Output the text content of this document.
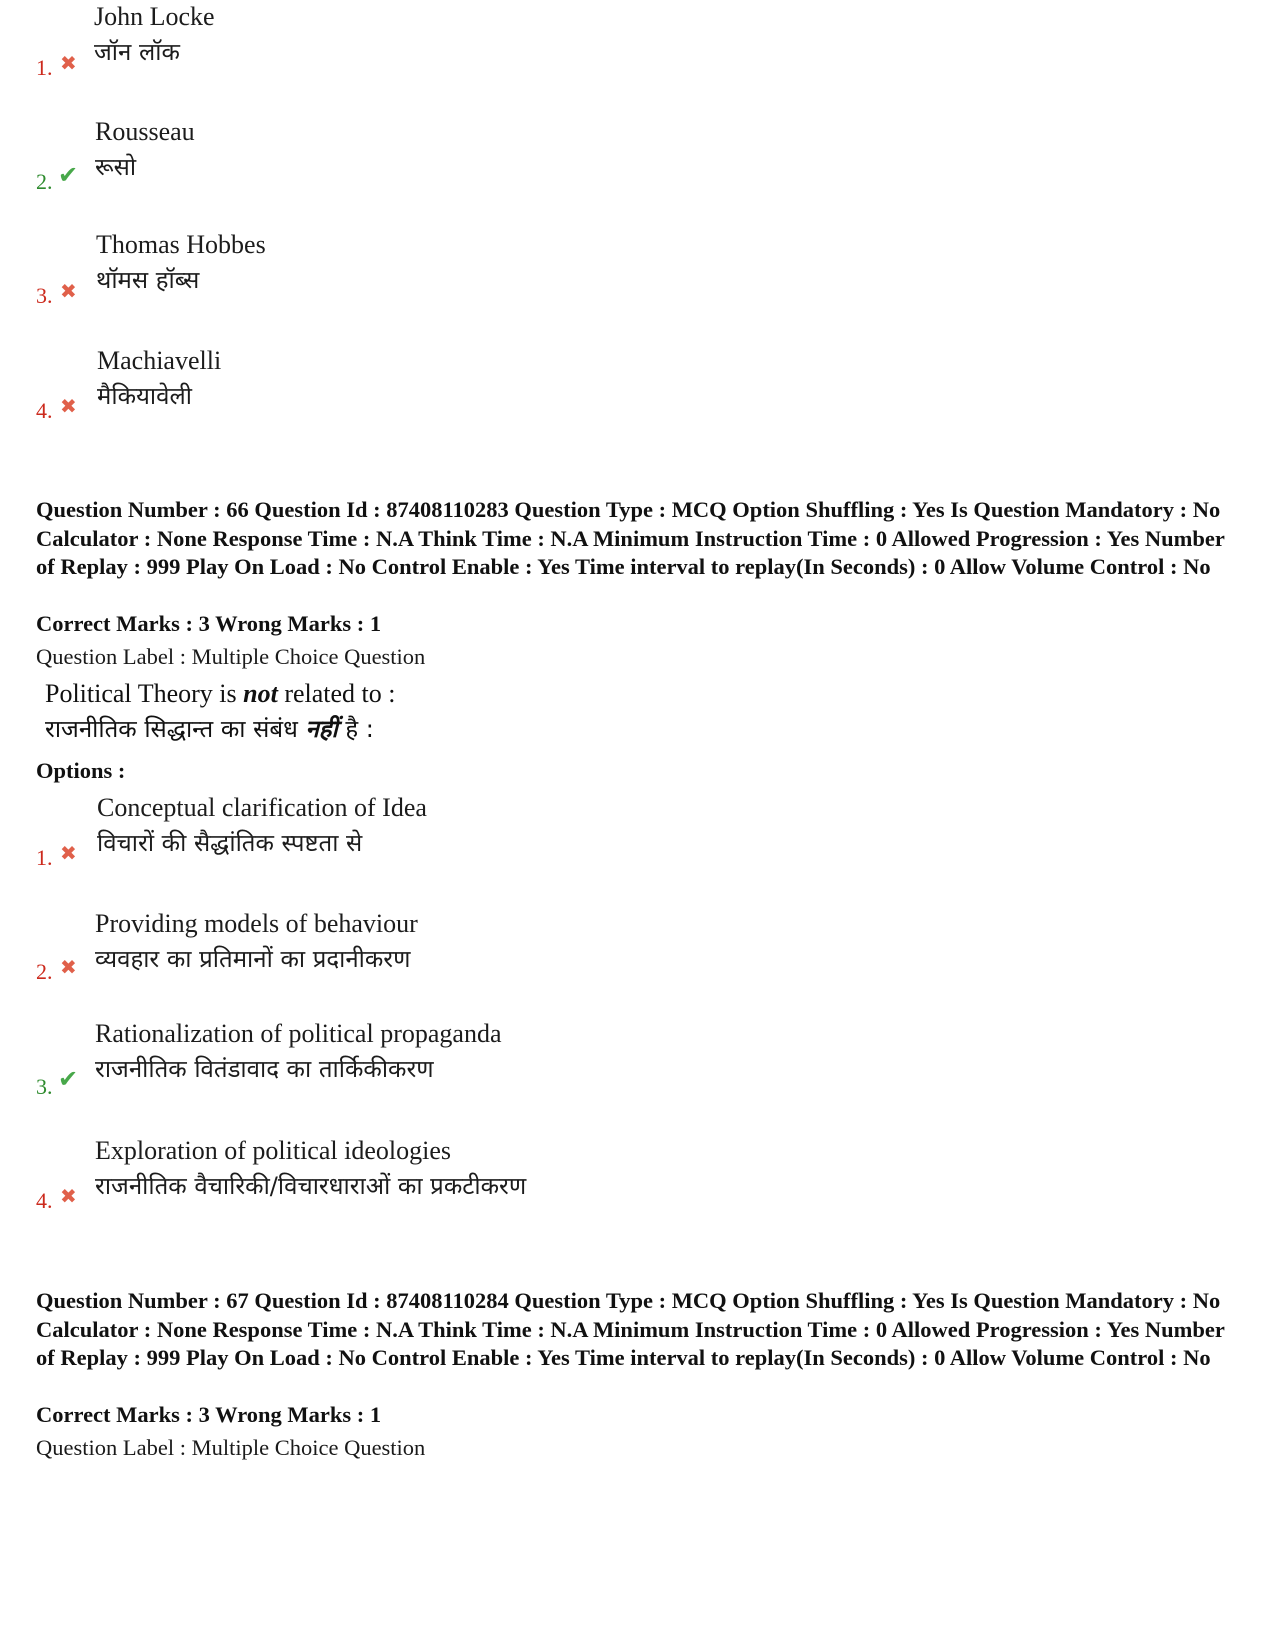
John Locke
जॉन लॉक
1. ✖
Rousseau
रूसो
2. ✔
Thomas Hobbes
थॉमस हॉब्स
3. ✖
Machiavelli
मैकियावेली
4. ✖
Question Number : 66 Question Id : 87408110283 Question Type : MCQ Option Shuffling : Yes Is Question Mandatory : No Calculator : None Response Time : N.A Think Time : N.A Minimum Instruction Time : 0 Allowed Progression : Yes Number of Replay : 999 Play On Load : No Control Enable : Yes Time interval to replay(In Seconds) : 0 Allow Volume Control : No
Correct Marks : 3 Wrong Marks : 1
Question Label : Multiple Choice Question
Political Theory is not related to :
राजनीतिक सिद्धान्त का संबंध नहीं है :
Options :
Conceptual clarification of Idea
विचारों की सैद्धांतिक स्पष्टता से
1. ✖
Providing models of behaviour
व्यवहार का प्रतिमानों का प्रदानीकरण
2. ✖
Rationalization of political propaganda
राजनीतिक वितंडावाद का तार्किकीकरण
3. ✔
Exploration of political ideologies
राजनीतिक वैचारिकी/विचारधाराओं का प्रकटीकरण
4. ✖
Question Number : 67 Question Id : 87408110284 Question Type : MCQ Option Shuffling : Yes Is Question Mandatory : No Calculator : None Response Time : N.A Think Time : N.A Minimum Instruction Time : 0 Allowed Progression : Yes Number of Replay : 999 Play On Load : No Control Enable : Yes Time interval to replay(In Seconds) : 0 Allow Volume Control : No
Correct Marks : 3 Wrong Marks : 1
Question Label : Multiple Choice Question
